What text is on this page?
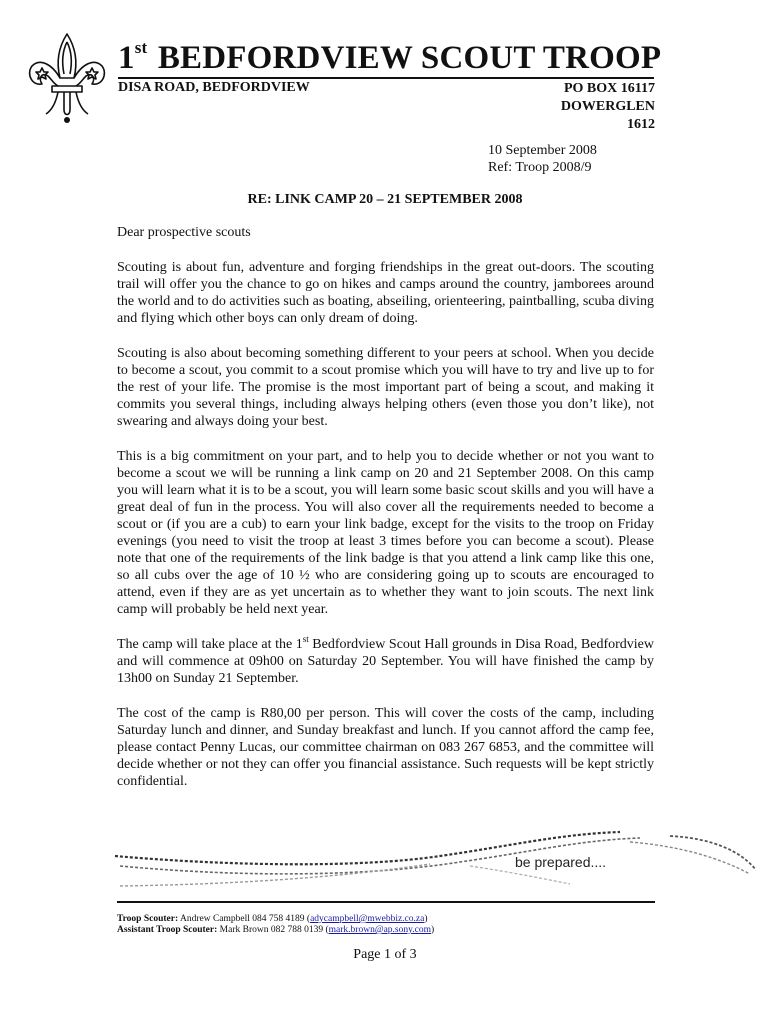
1st BEDFORDVIEW SCOUT TROOP
DISA ROAD, BEDFORDVIEW	PO BOX 16117
DOWERGLEN
1612
10 September 2008
Ref: Troop 2008/9
RE: LINK CAMP 20 – 21 SEPTEMBER 2008

Dear prospective scouts

Scouting is about fun, adventure and forging friendships in the great out-doors. The scouting trail will offer you the chance to go on hikes and camps around the country, jamborees around the world and to do activities such as boating, abseiling, orienteering, paintballing, scuba diving and flying which other boys can only dream of doing.

Scouting is also about becoming something different to your peers at school. When you decide to become a scout, you commit to a scout promise which you will have to try and live up to for the rest of your life. The promise is the most important part of being a scout, and making it commits you several things, including always helping others (even those you don’t like), not swearing and always doing your best.

This is a big commitment on your part, and to help you to decide whether or not you want to become a scout we will be running a link camp on 20 and 21 September 2008. On this camp you will learn what it is to be a scout, you will learn some basic scout skills and you will have a great deal of fun in the process. You will also cover all the requirements needed to become a scout or (if you are a cub) to earn your link badge, except for the visits to the troop on Friday evenings (you need to visit the troop at least 3 times before you can become a scout). Please note that one of the requirements of the link badge is that you attend a link camp like this one, so all cubs over the age of 10 ½ who are considering going up to scouts are encouraged to attend, even if they are as yet uncertain as to whether they want to join scouts. The next link camp will probably be held next year.

The camp will take place at the 1st Bedfordview Scout Hall grounds in Disa Road, Bedfordview and will commence at 09h00 on Saturday 20 September. You will have finished the camp by 13h00 on Sunday 21 September.

The cost of the camp is R80,00 per person. This will cover the costs of the camp, including Saturday lunch and dinner, and Sunday breakfast and lunch. If you cannot afford the camp fee, please contact Penny Lucas, our committee chairman on 083 267 6853, and the committee will decide whether or not they can offer you financial assistance. Such requests will be kept strictly confidential.

be prepared....
Troop Scouter: Andrew Campbell 084 758 4189 (adycampbell@mwebbiz.co.za)
Assistant Troop Scouter: Mark Brown 082 788 0139 (mark.brown@ap.sony.com)
Page 1 of 3
